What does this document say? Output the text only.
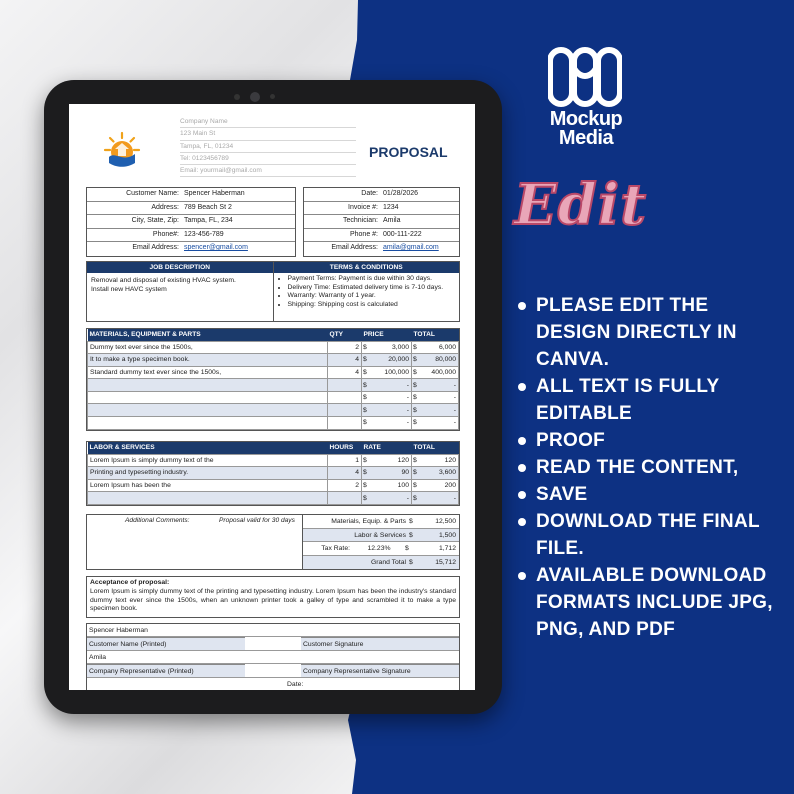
Company Name
123 Main St
Tampa, FL, 01234
Tel: 0123456789
Email: yourmail@gmail.com
PROPOSAL
Customer Name: Spencer Haberman
Address: 789 Beach St 2
City, State, Zip: Tampa, FL, 234
Phone#: 123-456-789
Email Address: spencer@gmail.com
Date: 01/28/2026
Invoice #: 1234
Technician: Amila
Phone #: 000-111-222
Email Address: amila@gmail.com
JOB DESCRIPTION
Removal and disposal of existing HVAC system.
Install new HAVC system
TERMS & CONDITIONS
• Payment Terms: Payment is due within 30 days.
• Delivery Time: Estimated delivery time is 7-10 days.
• Warranty: Warranty of 1 year.
• Shipping: Shipping cost is calculated
MATERIALS, EQUIPMENT & PARTS	QTY	PRICE		TOTAL	
Dummy text ever since the 1500s,	2	$	3,000	$	6,000
It to make a type specimen book.	4	$	20,000	$	80,000
Standard dummy text ever since the 1500s,	4	$	100,000	$	400,000
		$	-	$	-
		$	-	$	-
		$	-	$	-
		$	-	$	-
LABOR & SERVICES	HOURS	RATE		TOTAL	
Lorem Ipsum is simply dummy text of the	1	$	120	$	120
Printing and typesetting industry.	4	$	90	$	3,600
Lorem Ipsum has been the	2	$	100	$	200
		$	-	$	-
Additional Comments:	Proposal valid for 30 days	Materials, Equip. & Parts $	12,500
Labor & Services $	1,500
Tax Rate:	12.23%	$	1,712
Grand Total $	15,712
Acceptance of proposal:
Lorem Ipsum is simply dummy text of the printing and typesetting industry. Lorem Ipsum has been the industry's standard dummy text ever since the 1500s, when an unknown printer took a galley of type and scrambled it to make a type specimen book.
Spencer Haberman
Customer Name (Printed)	Customer Signature
Amila
Company Representative (Printed)	Company Representative Signature
Date:
Mockup
Media
Edit
PLEASE EDIT THE DESIGN DIRECTLY IN CANVA.
ALL TEXT IS FULLY EDITABLE
PROOF
READ THE CONTENT,
SAVE
DOWNLOAD THE FINAL FILE.
AVAILABLE DOWNLOAD FORMATS INCLUDE JPG, PNG, AND PDF
